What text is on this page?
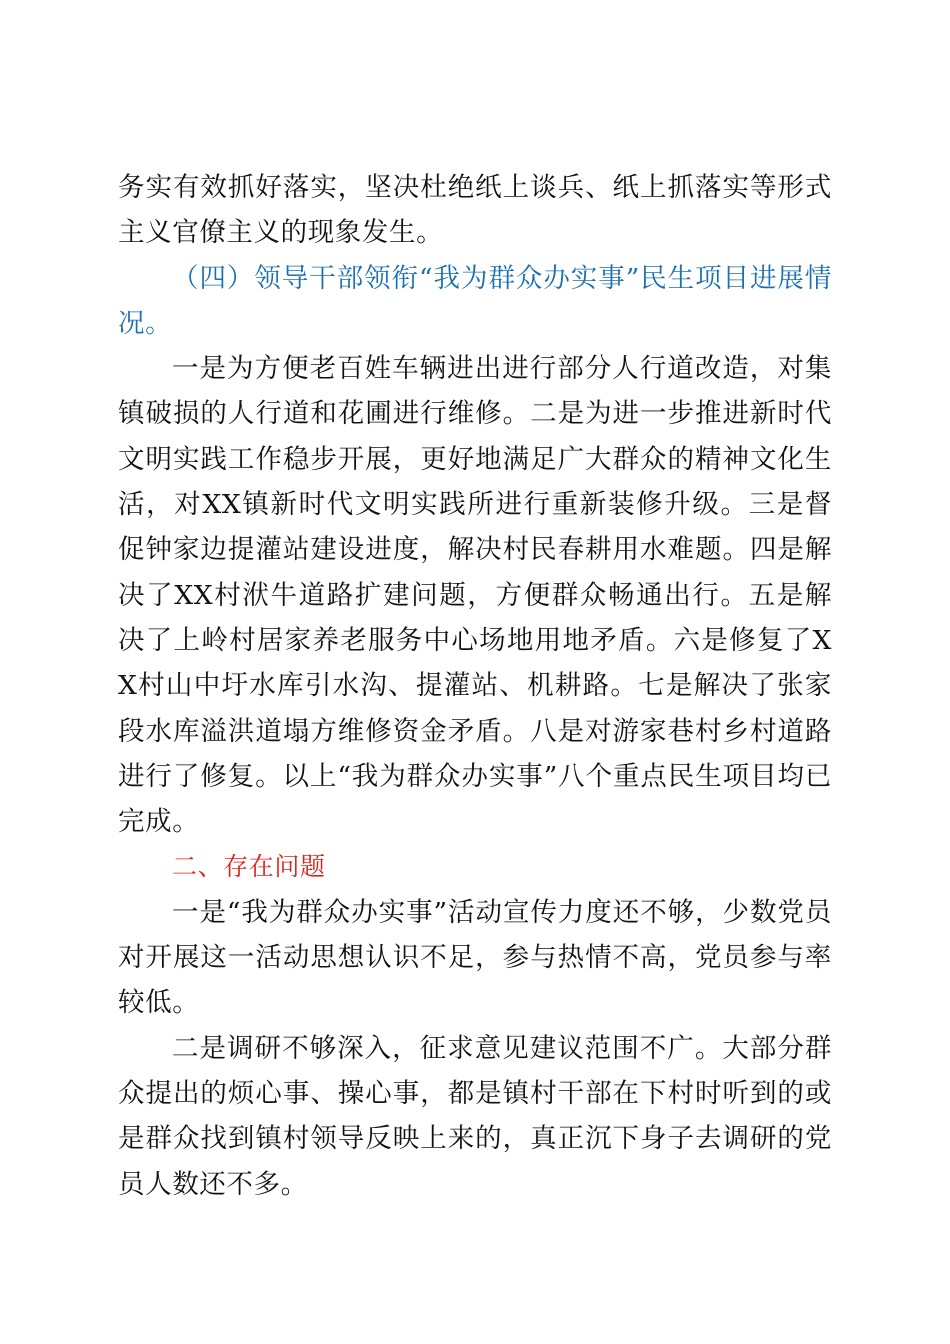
务实有效抓好落实，坚决杜绝纸上谈兵、纸上抓落实等形式主义官僚主义的现象发生。

（四）领导干部领衔“我为群众办实事”民生项目进展情况。

一是为方便老百姓车辆进出进行部分人行道改造，对集镇破损的人行道和花圃进行维修。二是为进一步推进新时代文明实践工作稳步开展，更好地满足广大群众的精神文化生活，对XX镇新时代文明实践所进行重新装修升级。三是督促钟家边提灌站建设进度，解决村民春耕用水难题。四是解决了XX村洑牛道路扩建问题，方便群众畅通出行。五是解决了上岭村居家养老服务中心场地用地矛盾。六是修复了XX村山中圩水库引水沟、提灌站、机耕路。七是解决了张家段水库溢洪道塌方维修资金矛盾。八是对游家巷村乡村道路进行了修复。以上“我为群众办实事”八个重点民生项目均已完成。

二、存在问题

一是“我为群众办实事”活动宣传力度还不够，少数党员对开展这一活动思想认识不足，参与热情不高，党员参与率较低。

二是调研不够深入，征求意见建议范围不广。大部分群众提出的烦心事、操心事，都是镇村干部在下村时听到的或是群众找到镇村领导反映上来的，真正沉下身子去调研的党员人数还不多。
